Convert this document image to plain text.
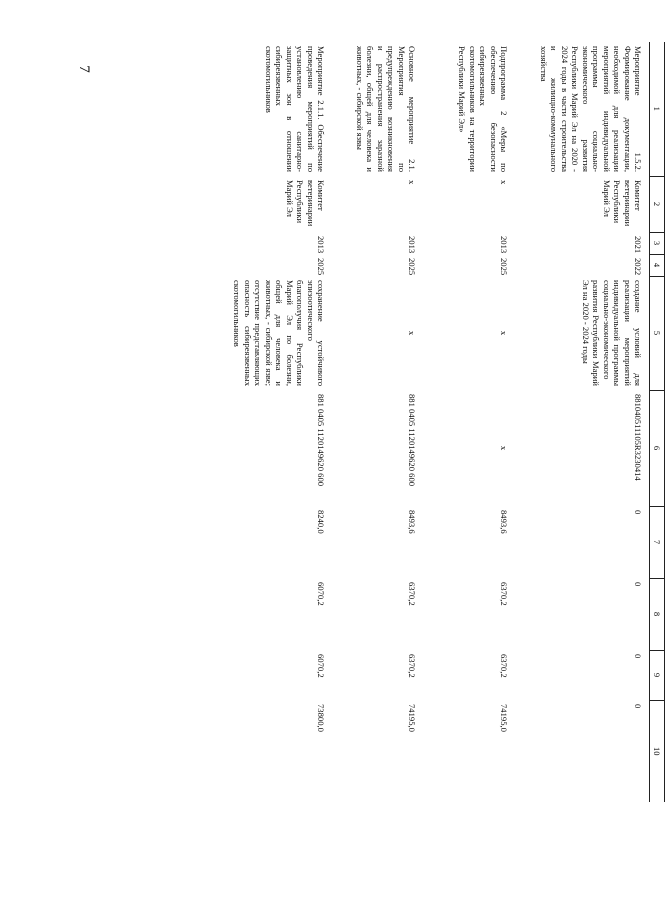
7
1	2	3	4	5	6	7	8	9	10
Мероприятие 1.5.2. Формирование документации, необходимой для реализации мероприятий индивидуальной программы социально-экономического развития Республики Марий Эл на 2020 - 2024 годы в части строительства и жилищно-коммунального хозяйства	Комитет ветеринарии Республики Марий Эл	2021	2022	создание условий для реализации мероприятий индивидуальной программы социально-экономического развития Республики Марий Эл на 2020 - 2024 годы	881040511105R3230414	0	0	0	0
Подпрограмма 2 «Меры по обеспечению безопасности сибиреязвенных скотомогильников на территории Республики Марий Эл»	х	2013	2025	х	х	8493,6	6370,2	6370,2	74195,0
Основное мероприятие 2.1. Мероприятия по предупреждению возникновения и распространения заразной болезни, общей для человека и животных, - сибирской язвы	х	2013	2025	х	881 0405 1120149620 600	8493,6	6370,2	6370,2	74195,0
Мероприятие 2.1.1. Обеспечение проведения мероприятий по установлению санитарно-защитных зон в отношении сибиреязвенных скотомогильников	Комитет ветеринарии Республики Марий Эл	2013	2025	сохранение устойчивого эпизоотического благополучия Республики Марий Эл по болезни, общей для человека и животных, - сибирской язве; отсутствие представляющих опасность сибиреязвенных скотомогильников	881 0405 1120149620 600	8240,0	6070,2	6070,2	73800,0
